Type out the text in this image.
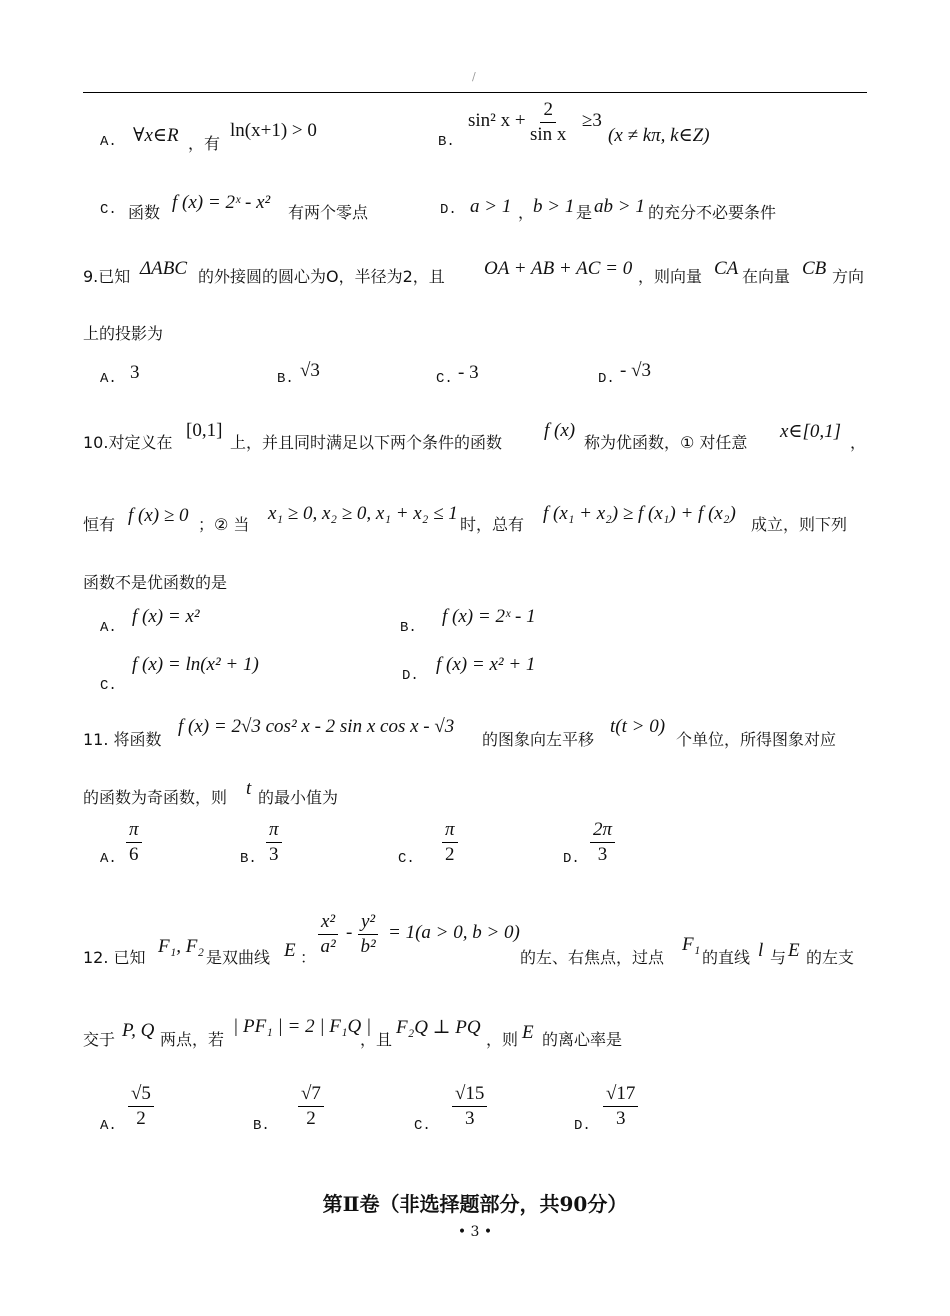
/
A. ∀x∈R ，有
ln(x+1) > 0
B.
sin² $x + \frac{2}{\text{sin x}} \ge 3$
(x ≠ kπ, k∈Z)
C. 函数 f (x) = 2ˣ - x² 有两个零点	D. a > 1 ，
b > 1 是 ab > 1 的充分不必要条件
9.已知 ΔABC 的外接圆的圆心为O，半径为2，且 OA + AB + AC = 0 ，则向量 CA 在向量 CB 方向
上的投影为
A. 3	B. √3	C. - 3	D. - √3
10.对定义在
[0,1]
上，并且同时满足以下两个条件的函数
f (x)
称为优函数，① 对任意
x∈[0,1]
，
恒有 f (x) ≥ 0 ；② 当
x₁ ≥ 0, x₂ ≥ 0, x₁ + x₂ ≤ 1
时，总有
f (x₁ + x₂) ≥ f (x₁) + f (x₂)
成立，则下列
函数不是优函数的是
A.
f (x) = x²
B.
f (x) = 2ˣ - 1
C.
f (x) = ln(x² + 1)
D.
f (x) = x² + 1
11. 将函数
f (x) = 2√3 cos² x - 2 sin x cos x - √3
的图象向左平移
t(t > 0)
个单位，所得图象对应
的函数为奇函数，则 t 的最小值为
A. $\frac{\pi}{6}$	B. $\frac{\pi}{3}$	C. $\frac{\pi}{2}$	D. $\frac{2\pi}{3}$
12. 已知
F₁, F₂
是双曲线 E ： $\frac{\text{x²}}{\text{a²}} - \frac{\text{y²}}{\text{b²}} = 1(a > 0$, b > 0)
的左、右焦点，过点
F₁
的直线 l 与 E 的左支
交于 P, Q 两点，若
| PF₁ | = 2 | F₁Q |
，且
F₂Q ⊥ PQ
，则 E 的离心率是
A. $\frac{√5}{2}$	B. $\frac{√7}{2}$	C. $\frac{√15}{3}$	D. $\frac{√17}{3}$
第Ⅱ卷（非选择题部分，共90分）
• 3 •
